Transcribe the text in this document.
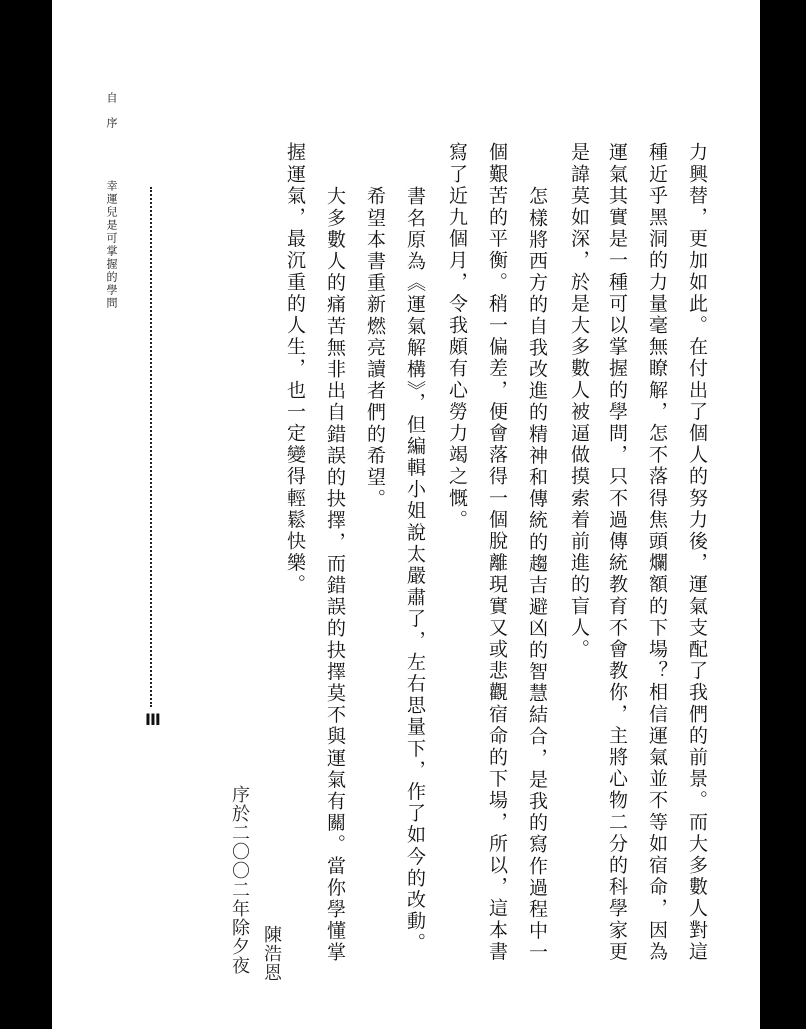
自序
幸運兒是可掌握的學問
III	力興替，更加如此。在付出了個人的努力後，運氣支配了我們的前景。而大多數人對這
種近乎黑洞的力量毫無瞭解，怎不落得焦頭爛額的下場？相信運氣並不等如宿命，因為
運氣其實是一種可以掌握的學問，只不過傳統教育不會教你，主將心物二分的科學家更
是諱莫如深，於是大多數人被逼做摸索着前進的盲人。
怎樣將西方的自我改進的精神和傳統的趨吉避凶的智慧結合，是我的寫作過程中一
個艱苦的平衡。稍一偏差，便會落得一個脫離現實又或悲觀宿命的下場，所以，這本書
寫了近九個月，令我頗有心勞力竭之慨。
書名原為《運氣解構》，但編輯小姐說太嚴肅了，左右思量下，作了如今的改動。
希望本書重新燃亮讀者們的希望。
大多數人的痛苦無非出自錯誤的抉擇，而錯誤的抉擇莫不與運氣有關。當你學懂掌
握運氣，最沉重的人生，也一定變得輕鬆快樂。
陳浩恩
序於二〇〇二年除夕夜
